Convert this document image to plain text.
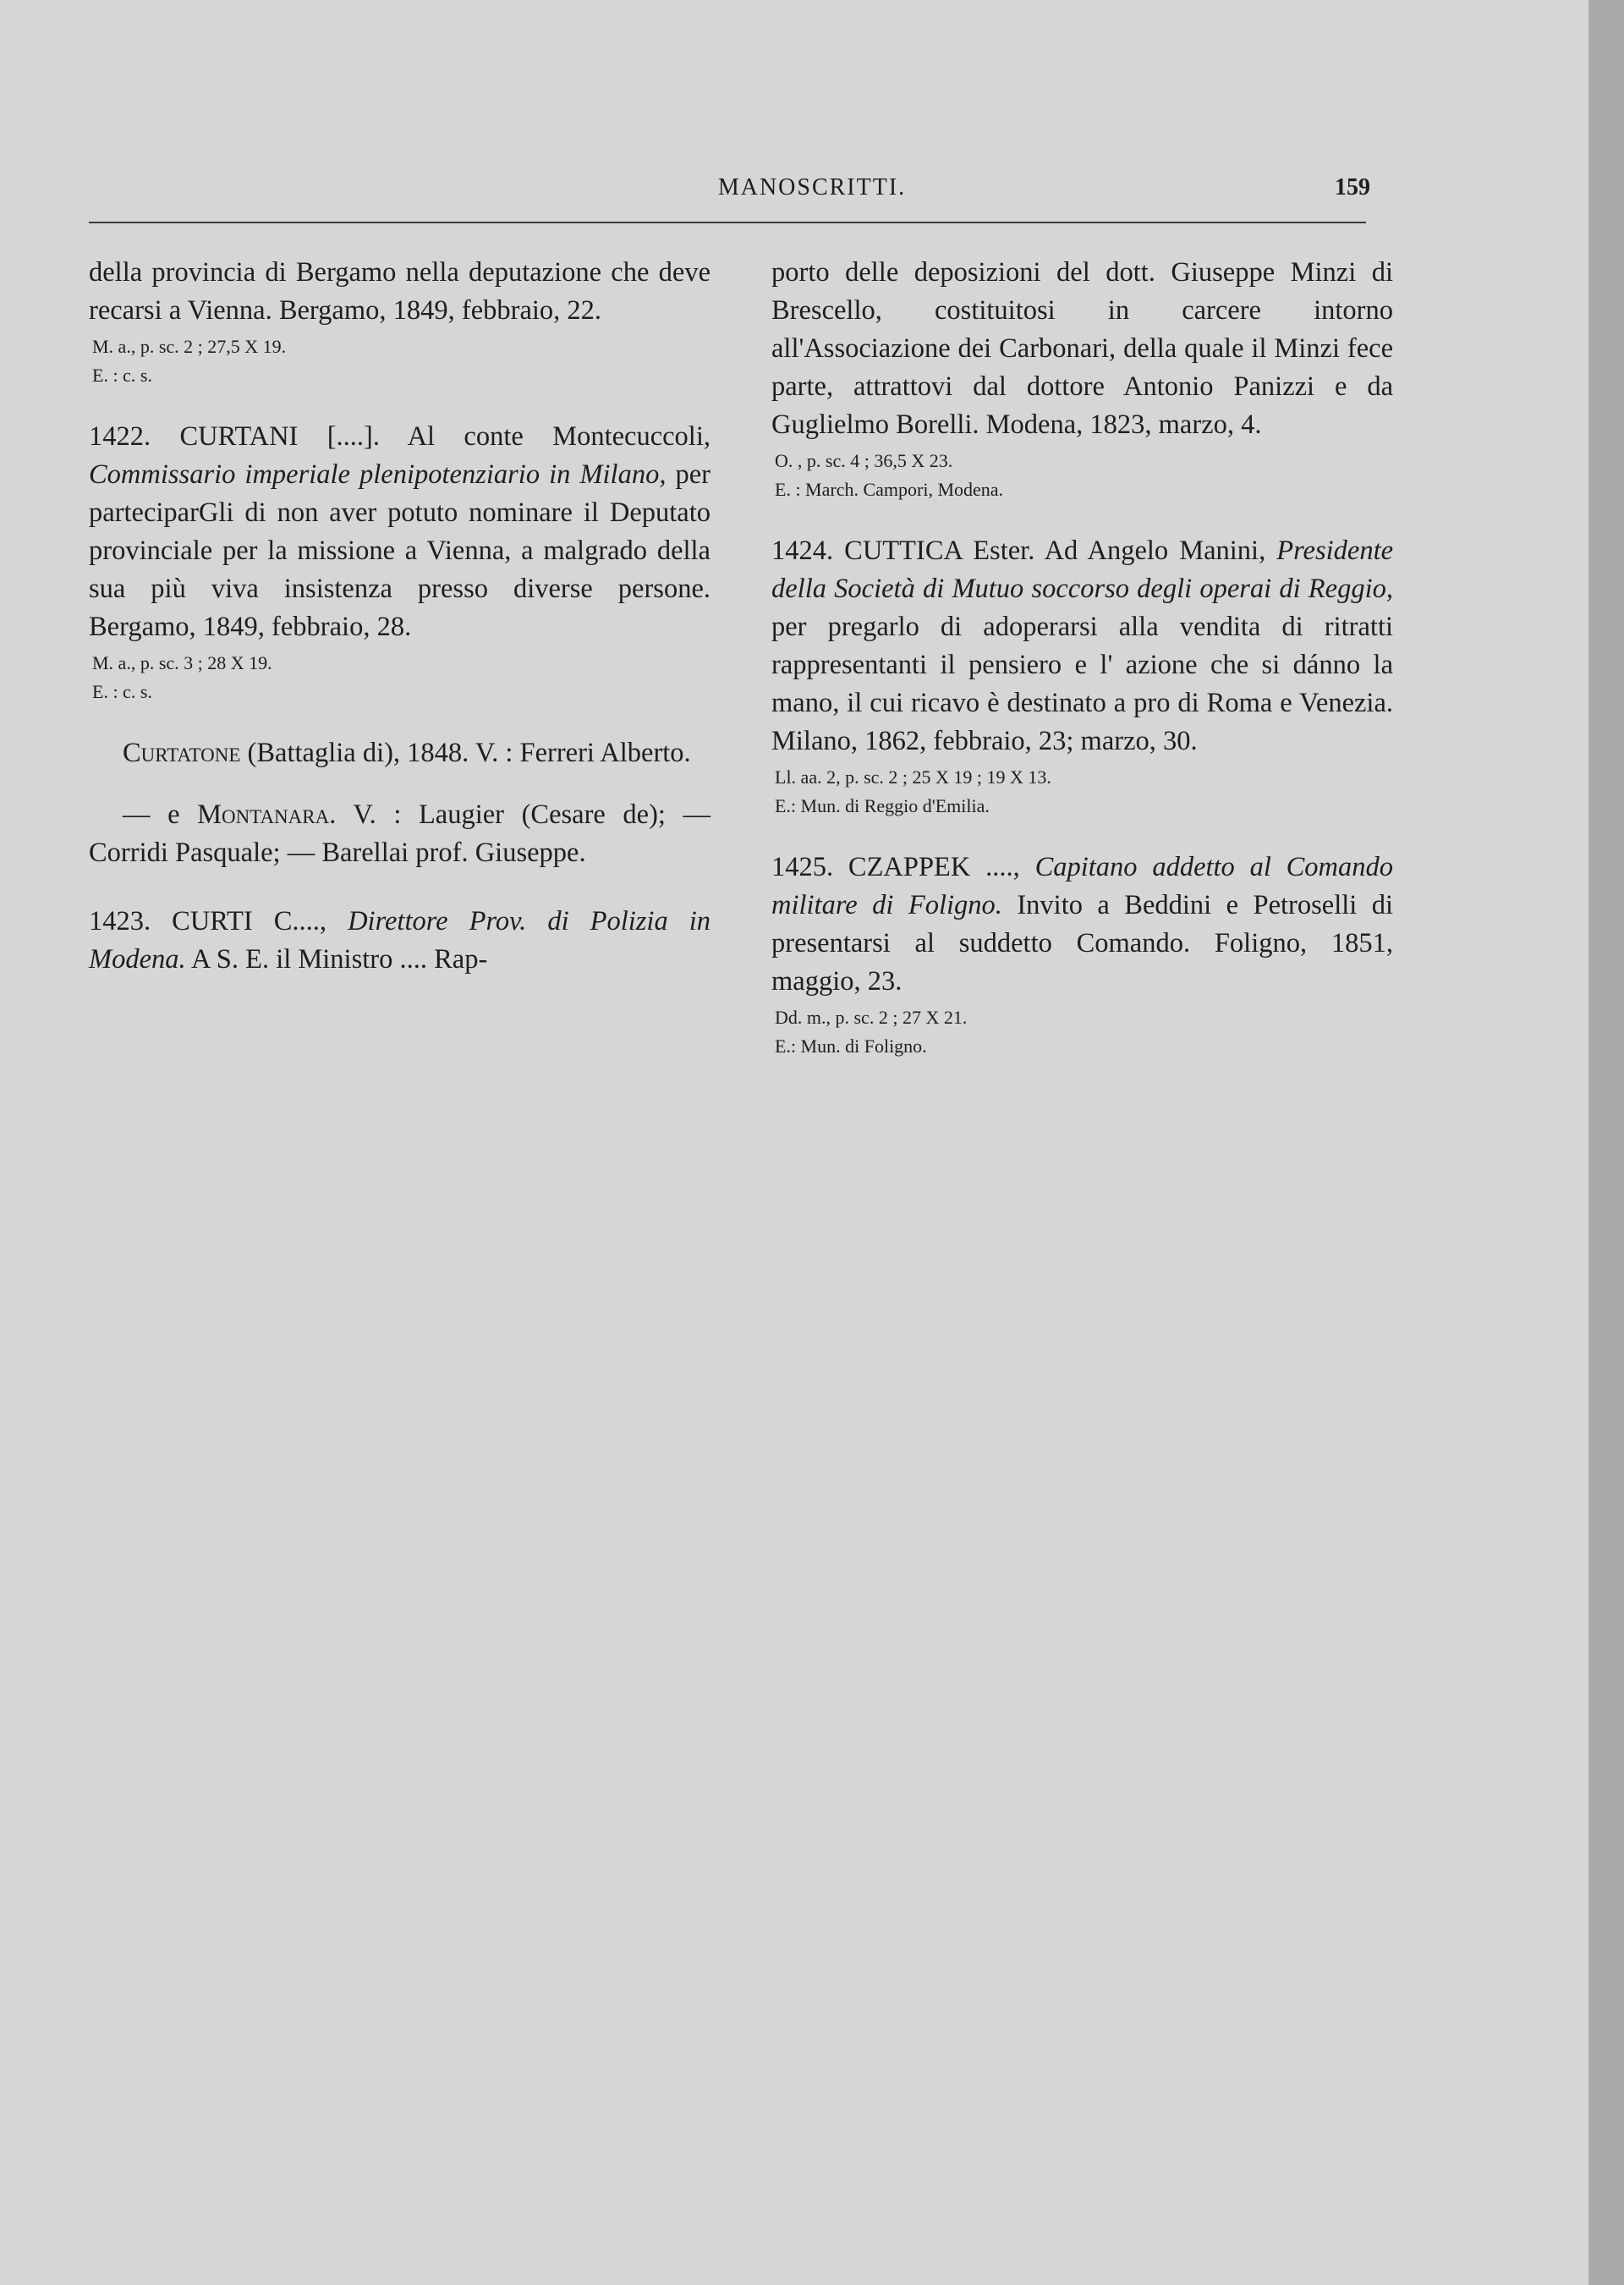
MANOSCRITTI.	159

della provincia di Bergamo nella deputazione che deve recarsi a Vienna. Bergamo, 1849, febbraio, 22.

M. a., p. sc. 2 ; 27,5 X 19.
E. : c. s.

1422. CURTANI [....]. Al conte Montecuccoli, Commissario imperiale plenipotenziario in Milano, per parteciparGli di non aver potuto nominare il Deputato provinciale per la missione a Vienna, a malgrado della sua più viva insistenza presso diverse persone. Bergamo, 1849, febbraio, 28.

M. a., p. sc. 3 ; 28 X 19.
E. : c. s.

Curtatone (Battaglia di), 1848. V. : Ferreri Alberto.

— e Montanara. V. : Laugier (Cesare de); — Corridi Pasquale; — Barellai prof. Giuseppe.

1423. CURTI C...., Direttore Prov. di Polizia in Modena. A S. E. il Ministro .... Rap-

porto delle deposizioni del dott. Giuseppe Minzi di Brescello, costituitosi in carcere intorno all'Associazione dei Carbonari, della quale il Minzi fece parte, attrattovi dal dottore Antonio Panizzi e da Guglielmo Borelli. Modena, 1823, marzo, 4.

O. , p. sc. 4 ; 36,5 X 23.
E. : March. Campori, Modena.

1424. CUTTICA Ester. Ad Angelo Manini, Presidente della Società di Mutuo soccorso degli operai di Reggio, per pregarlo di adoperarsi alla vendita di ritratti rappresentanti il pensiero e l' azione che si dánno la mano, il cui ricavo è destinato a pro di Roma e Venezia. Milano, 1862, febbraio, 23; marzo, 30.

Ll. aa. 2, p. sc. 2 ; 25 X 19 ; 19 X 13.
E.: Mun. di Reggio d'Emilia.

1425. CZAPPEK ...., Capitano addetto al Comando militare di Foligno. Invito a Beddini e Petroselli di presentarsi al suddetto Comando. Foligno, 1851, maggio, 23.

Dd. m., p. sc. 2 ; 27 X 21.
E.: Mun. di Foligno.
